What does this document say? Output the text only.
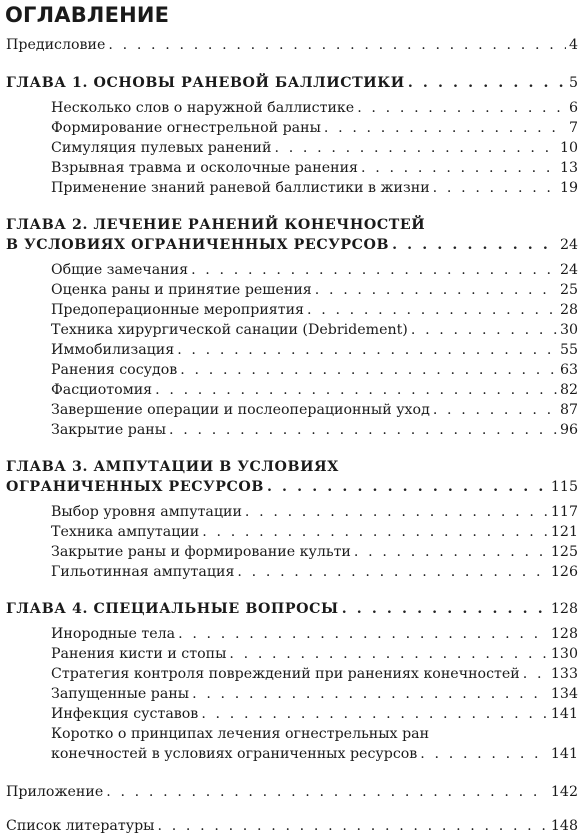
ОГЛАВЛЕНИЕ
Предисловие . . .	4
ГЛАВА 1. ОСНОВЫ РАНЕВОЙ БАЛЛИСТИКИ . . .	5
Несколько слов о наружной баллистике . . .	6
Формирование огнестрельной раны . . .	7
Симуляция пулевых ранений . . .	10
Взрывная травма и осколочные ранения . . .	13
Применение знаний раневой баллистики в жизни . . .	19
ГЛАВА 2. ЛЕЧЕНИЕ РАНЕНИЙ КОНЕЧНОСТЕЙ
В УСЛОВИЯХ ОГРАНИЧЕННЫХ РЕСУРСОВ . . .	24
Общие замечания . . .	24
Оценка раны и принятие решения . . .	25
Предоперационные мероприятия . . .	28
Техника хирургической санации (Debridement) . . .	30
Иммобилизация . . .	55
Ранения сосудов . . .	63
Фасциотомия . . .	82
Завершение операции и послеоперационный уход . . .	87
Закрытие раны . . .	96
ГЛАВА 3. АМПУТАЦИИ В УСЛОВИЯХ
ОГРАНИЧЕННЫХ РЕСУРСОВ . . .	115
Выбор уровня ампутации . . .	117
Техника ампутации . . .	121
Закрытие раны и формирование культи . . .	125
Гильотинная ампутация . . .	126
ГЛАВА 4. СПЕЦИАЛЬНЫЕ ВОПРОСЫ . . .	128
Инородные тела . . .	128
Ранения кисти и стопы . . .	130
Стратегия контроля повреждений при ранениях конечностей . . . 133
Запущенные раны . . .	134
Инфекция суставов . . .	141
Коротко о принципах лечения огнестрельных ран
конечностей в условиях ограниченных ресурсов . . .	141
Приложение . . .	142
Список литературы . . .	148
